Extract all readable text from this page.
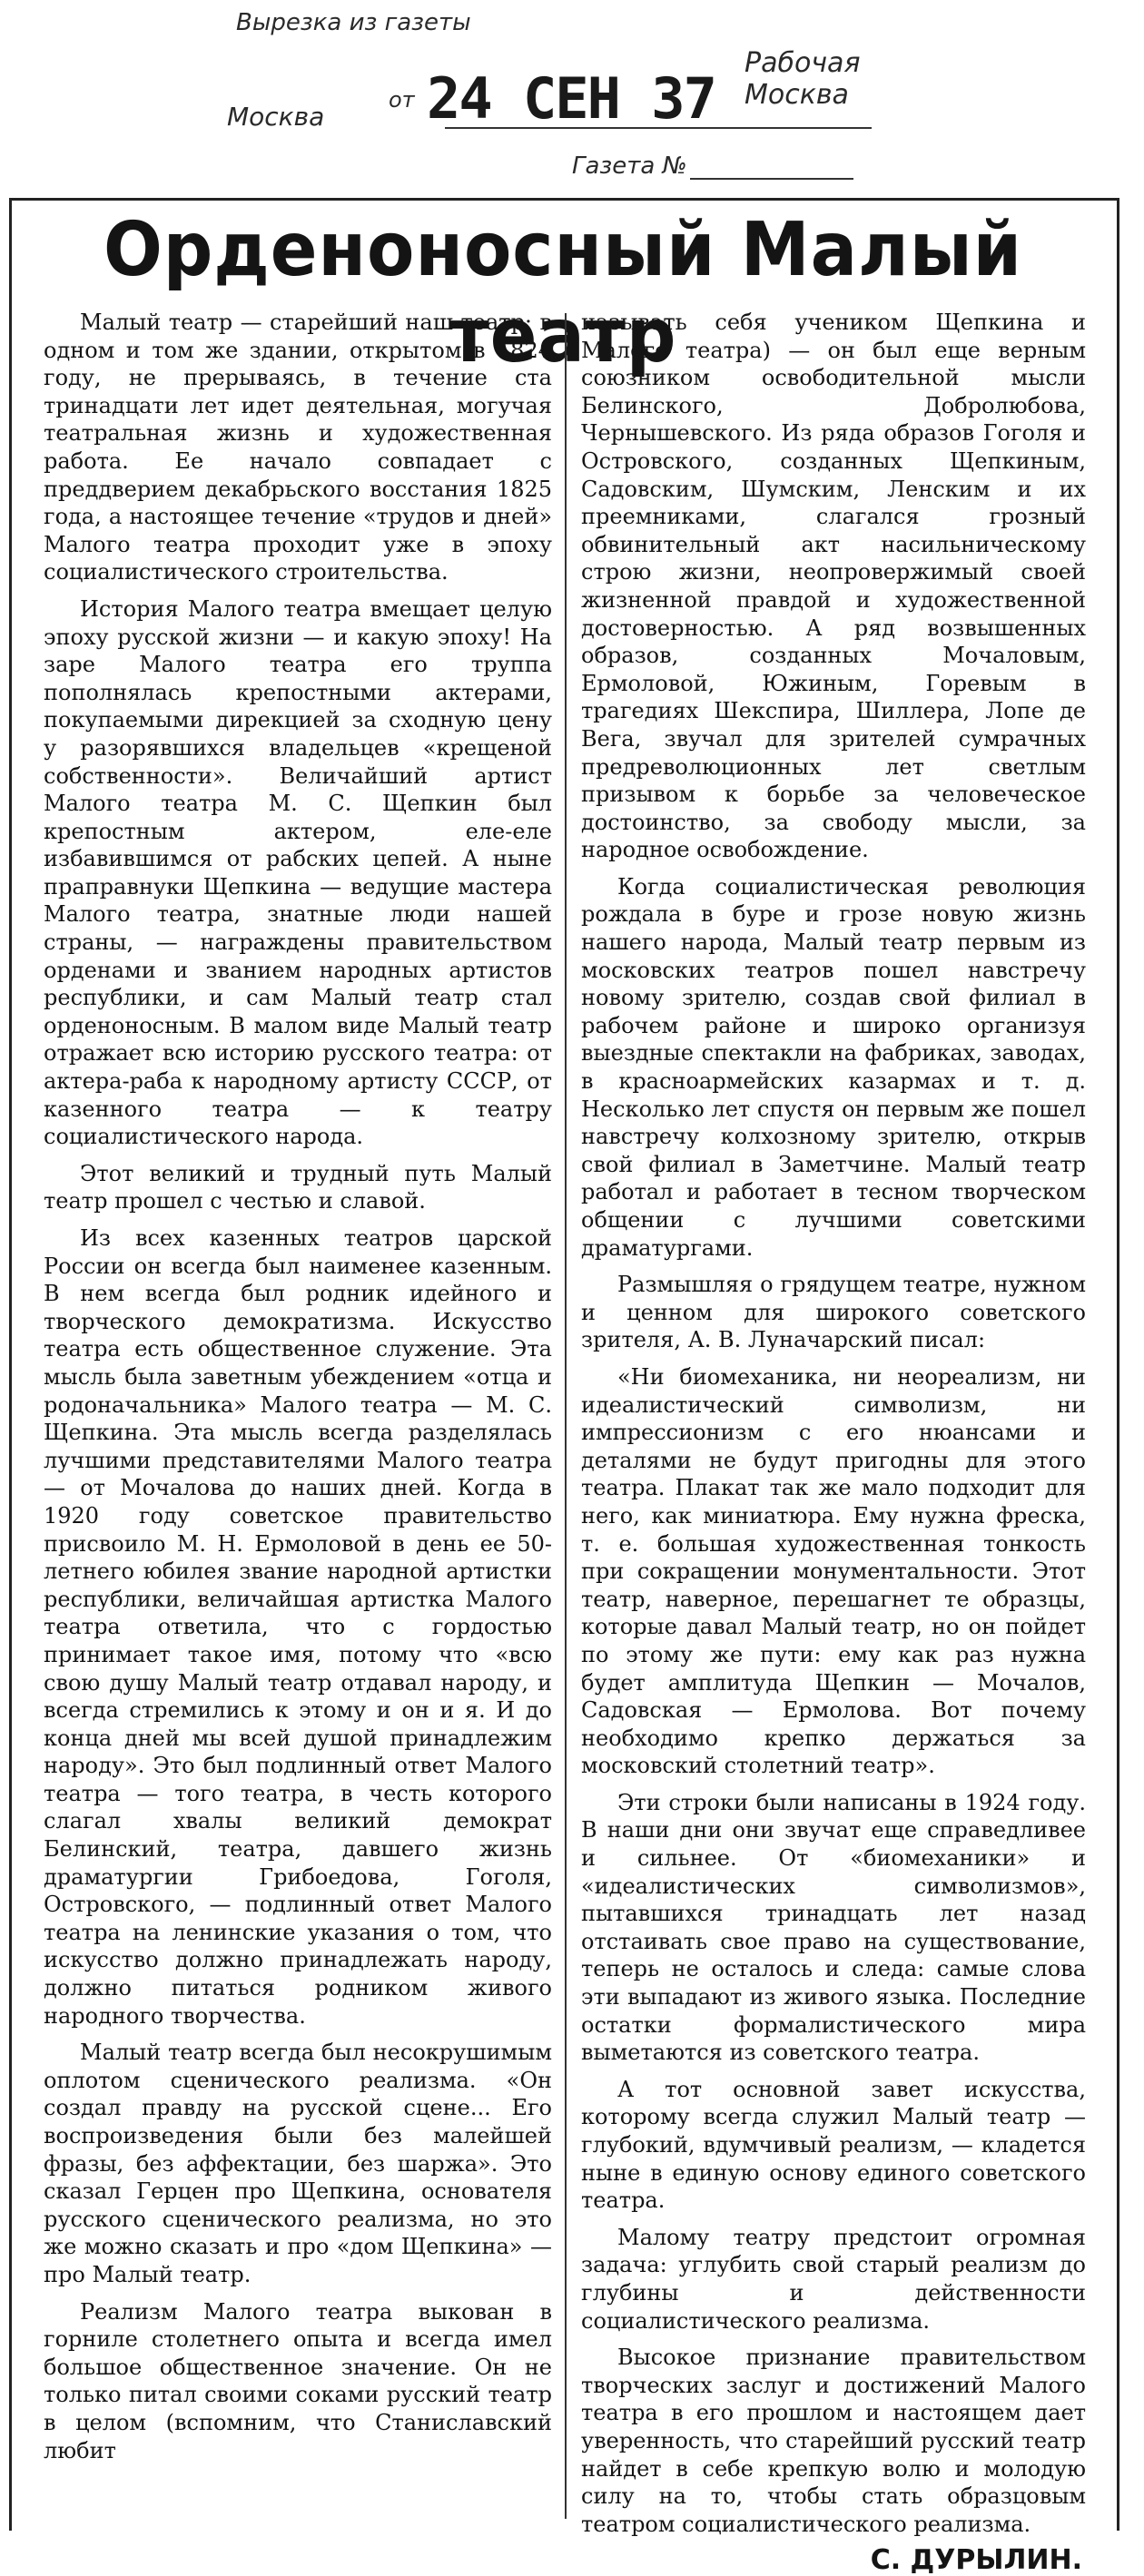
Вырезка из газеты
Рабочая Москва
Москва
от 24 СЕН 37
Газета №
Орденоносный Малый театр

Малый театр — старейший наш театр: в одном и том же здании, открытом в 1824 году, не прерываясь, в течение ста тринадцати лет идет деятельная, могучая театральная жизнь и художественная работа. Ее начало совпадает с преддверием декабрьского восстания 1825 года, а настоящее течение «трудов и дней» Малого театра проходит уже в эпоху социалистического строительства.

История Малого театра вмещает целую эпоху русской жизни — и какую эпоху! На заре Малого театра его труппа пополнялась крепостными актерами, покупаемыми дирекцией за сходную цену у разорявшихся владельцев «крещеной собственности». Величайший артист Малого театра М. С. Щепкин был крепостным актером, еле-еле избавившимся от рабских цепей. А ныне праправнуки Щепкина — ведущие мастера Малого театра, знатные люди нашей страны, — награждены правительством орденами и званием народных артистов республики, и сам Малый театр стал орденоносным. В малом виде Малый театр отражает всю историю русского театра: от актера-раба к народному артисту СССР, от казенного театра — к театру социалистического народа.

Этот великий и трудный путь Малый театр прошел с честью и славой.

Из всех казенных театров царской России он всегда был наименее казенным. В нем всегда был родник идейного и творческого демократизма. Искусство театра есть общественное служение. Эта мысль была заветным убеждением «отца и родоначальника» Малого театра — М. С. Щепкина. Эта мысль всегда разделялась лучшими представителями Малого театра — от Мочалова до наших дней. Когда в 1920 году советское правительство присвоило М. Н. Ермоловой в день ее 50-летнего юбилея звание народной артистки республики, величайшая артистка Малого театра ответила, что с гордостью принимает такое имя, потому что «всю свою душу Малый театр отдавал народу, и всегда стремились к этому и он и я. И до конца дней мы всей душой принадлежим народу». Это был подлинный ответ Малого театра — того театра, в честь которого слагал хвалы великий демократ Белинский, театра, давшего жизнь драматургии Грибоедова, Гоголя, Островского, — подлинный ответ Малого театра на ленинские указания о том, что искусство должно принадлежать народу, должно питаться родником живого народного творчества.

Малый театр всегда был несокрушимым оплотом сценического реализма. «Он создал правду на русской сцене... Его воспроизведения были без малейшей фразы, без аффектации, без шаржа». Это сказал Герцен про Щепкина, основателя русского сценического реализма, но это же можно сказать и про «дом Щепкина» — про Малый театр.

Реализм Малого театра выкован в горниле столетнего опыта и всегда имел большое общественное значение. Он не только питал своими соками русский театр в целом (вспомним, что Станиславский любит

называть себя учеником Щепкина и Малого театра) — он был еще верным союзником освободительной мысли Белинского, Добролюбова, Чернышевского. Из ряда образов Гоголя и Островского, созданных Щепкиным, Садовским, Шумским, Ленским и их преемниками, слагался грозный обвинительный акт насильническому строю жизни, неопровержимый своей жизненной правдой и художественной достоверностью. А ряд возвышенных образов, созданных Мочаловым, Ермоловой, Южиным, Горевым в трагедиях Шекспира, Шиллера, Лопе де Вега, звучал для зрителей сумрачных предреволюционных лет светлым призывом к борьбе за человеческое достоинство, за свободу мысли, за народное освобождение.

Когда социалистическая революция рождала в буре и грозе новую жизнь нашего народа, Малый театр первым из московских театров пошел навстречу новому зрителю, создав свой филиал в рабочем районе и широко организуя выездные спектакли на фабриках, заводах, в красноармейских казармах и т. д. Несколько лет спустя он первым же пошел навстречу колхозному зрителю, открыв свой филиал в Заметчине. Малый театр работал и работает в тесном творческом общении с лучшими советскими драматургами.

Размышляя о грядущем театре, нужном и ценном для широкого советского зрителя, А. В. Луначарский писал:

«Ни биомеханика, ни неореализм, ни идеалистический символизм, ни импрессионизм с его нюансами и деталями не будут пригодны для этого театра. Плакат так же мало подходит для него, как миниатюра. Ему нужна фреска, т. е. большая художественная тонкость при сокращении монументальности. Этот театр, наверное, перешагнет те образцы, которые давал Малый театр, но он пойдет по этому же пути: ему как раз нужна будет амплитуда Щепкин — Мочалов, Садовская — Ермолова. Вот почему необходимо крепко держаться за московский столетний театр».

Эти строки были написаны в 1924 году. В наши дни они звучат еще справедливее и сильнее. От «биомеханики» и «идеалистических символизмов», пытавшихся тринадцать лет назад отстаивать свое право на существование, теперь не осталось и следа: самые слова эти выпадают из живого языка. Последние остатки формалистического мира выметаются из советского театра.

А тот основной завет искусства, которому всегда служил Малый театр — глубокий, вдумчивый реализм, — кладется ныне в единую основу единого советского театра.

Малому театру предстоит огромная задача: углубить свой старый реализм до глубины и действенности социалистического реализма.

Высокое признание правительством творческих заслуг и достижений Малого театра в его прошлом и настоящем дает уверенность, что старейший русский театр найдет в себе крепкую волю и молодую силу на то, чтобы стать образцовым театром социалистического реализма.

С. ДУРЫЛИН.
